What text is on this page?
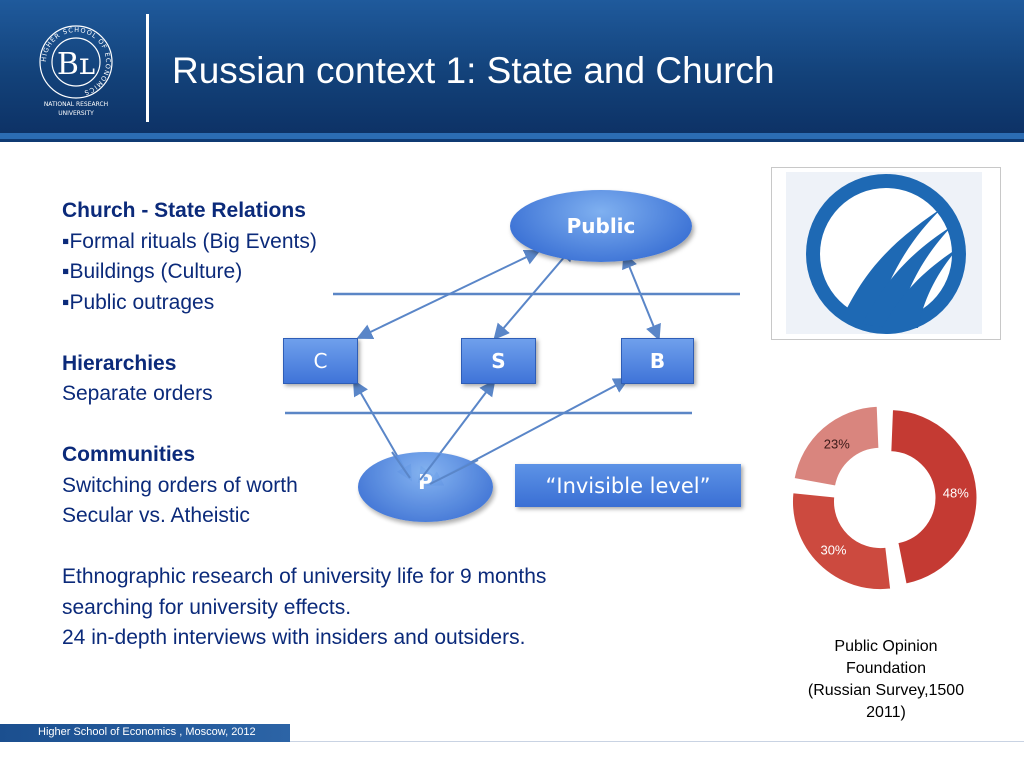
HIGHER SCHOOL OF ECONOMICS
Вʟ
NATIONAL RESEARCH
UNIVERSITY
Russian context 1: State and Church
Church - State Relations
▪Formal rituals (Big Events)
▪Buildings (Culture)
▪Public outrages
Hierarchies
Separate orders
Communities
Switching orders of worth
Secular vs. Atheistic
Ethnographic research of university life for 9 months
searching for university effects.
24 in-depth interviews with insiders and outsiders.
Public
C	S	B
P	“Invisible level”	48%
30%
23%
Public Opinion
Foundation
(Russian Survey,1500
2011)
Higher School of Economics , Moscow, 2012
